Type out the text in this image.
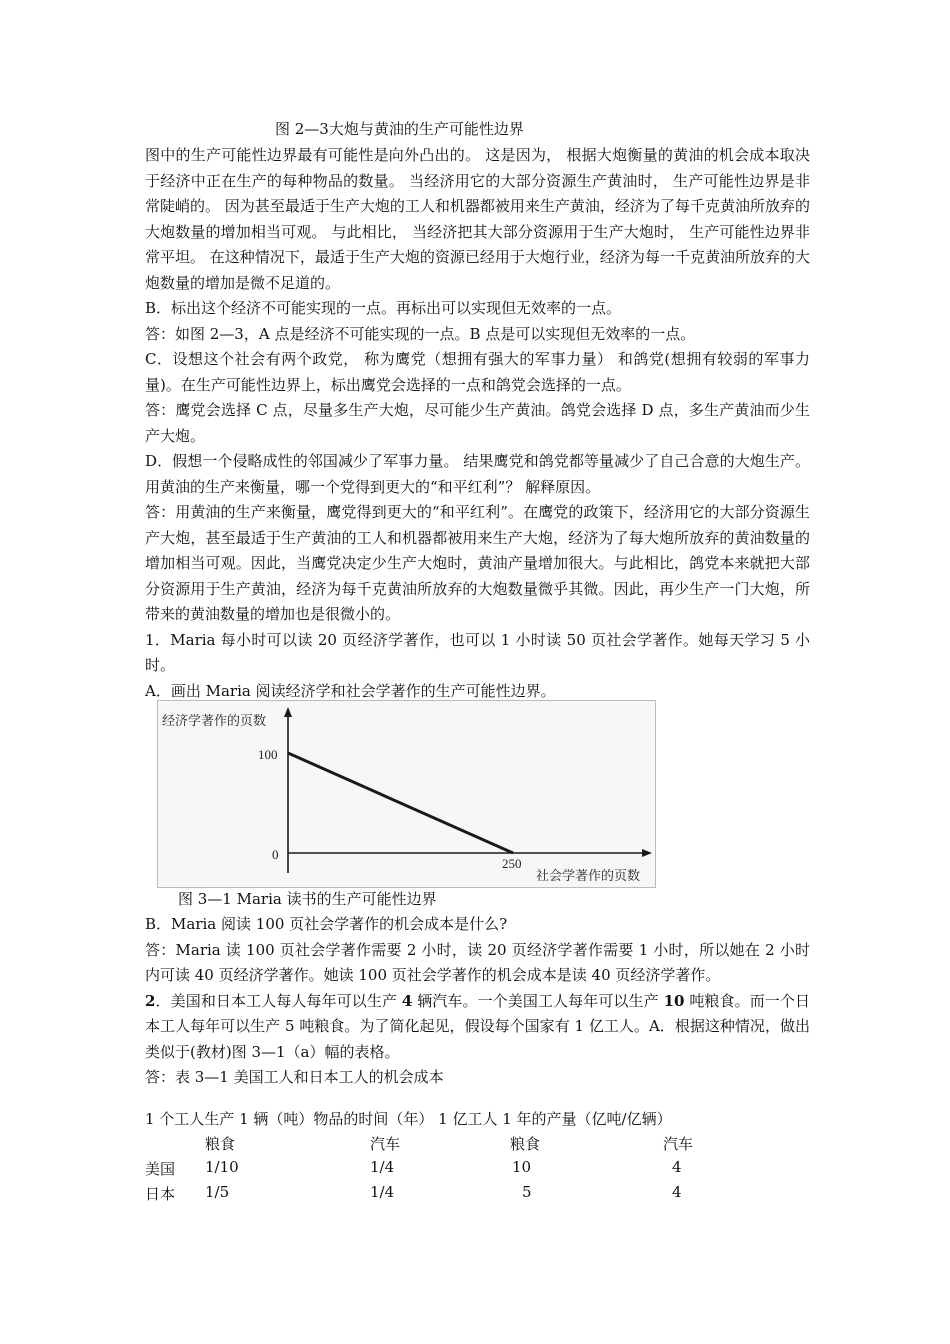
图 2—3大炮与黄油的生产可能性边界

图中的生产可能性边界最有可能性是向外凸出的。 这是因为， 根据大炮衡量的黄油的机会成本取决于经济中正在生产的每种物品的数量。 当经济用它的大部分资源生产黄油时， 生产可能性边界是非常陡峭的。 因为甚至最适于生产大炮的工人和机器都被用来生产黄油，经济为了每千克黄油所放弃的大炮数量的增加相当可观。 与此相比， 当经济把其大部分资源用于生产大炮时， 生产可能性边界非常平坦。 在这种情况下，最适于生产大炮的资源已经用于大炮行业，经济为每一千克黄油所放弃的大炮数量的增加是微不足道的。

B．标出这个经济不可能实现的一点。再标出可以实现但无效率的一点。

答：如图 2—3，A 点是经济不可能实现的一点。B 点是可以实现但无效率的一点。

C．设想这个社会有两个政党， 称为鹰党（想拥有强大的军事力量） 和鸽党(想拥有较弱的军事力量)。在生产可能性边界上，标出鹰党会选择的一点和鸽党会选择的一点。

答：鹰党会选择 C 点，尽量多生产大炮，尽可能少生产黄油。鸽党会选择 D 点，多生产黄油而少生产大炮。

D．假想一个侵略成性的邻国减少了军事力量。 结果鹰党和鸽党都等量减少了自己合意的大炮生产。 用黄油的生产来衡量，哪一个党得到更大的“和平红利”？ 解释原因。

答：用黄油的生产来衡量，鹰党得到更大的“和平红利”。在鹰党的政策下，经济用它的大部分资源生产大炮，甚至最适于生产黄油的工人和机器都被用来生产大炮，经济为了每大炮所放弃的黄油数量的增加相当可观。因此，当鹰党决定少生产大炮时，黄油产量增加很大。与此相比，鸽党本来就把大部分资源用于生产黄油，经济为每千克黄油所放弃的大炮数量微乎其微。因此，再少生产一门大炮，所带来的黄油数量的增加也是很微小的。

1．Maria 每小时可以读 20 页经济学著作，也可以 1 小时读 50 页社会学著作。她每天学习 5 小时。

A．画出 Maria 阅读经济学和社会学著作的生产可能性边界。

经济学著作的页数
社会学著作的页数
100
0
250
图 3—1 Maria 读书的生产可能性边界

B．Maria 阅读 100 页社会学著作的机会成本是什么?

答：Maria 读 100 页社会学著作需要 2 小时，读 20 页经济学著作需要 1 小时，所以她在 2 小时内可读 40 页经济学著作。她读 100 页社会学著作的机会成本是读 40 页经济学著作。

2．美国和日本工人每人每年可以生产 4 辆汽车。一个美国工人每年可以生产 10 吨粮食。而一个日本工人每年可以生产 5 吨粮食。为了简化起见，假设每个国家有 1 亿工人。A．根据这种情况，做出类似于(教材)图 3—1（a）幅的表格。

答：表 3—1 美国工人和日本工人的机会成本

1 个工人生产 1 辆（吨）物品的时间（年） 1 亿工人 1 年的产量（亿吨/亿辆）
粮食	汽车	粮食	汽车
美国 1/10	1/4	10	4
日本 1/5	1/4	5	4
